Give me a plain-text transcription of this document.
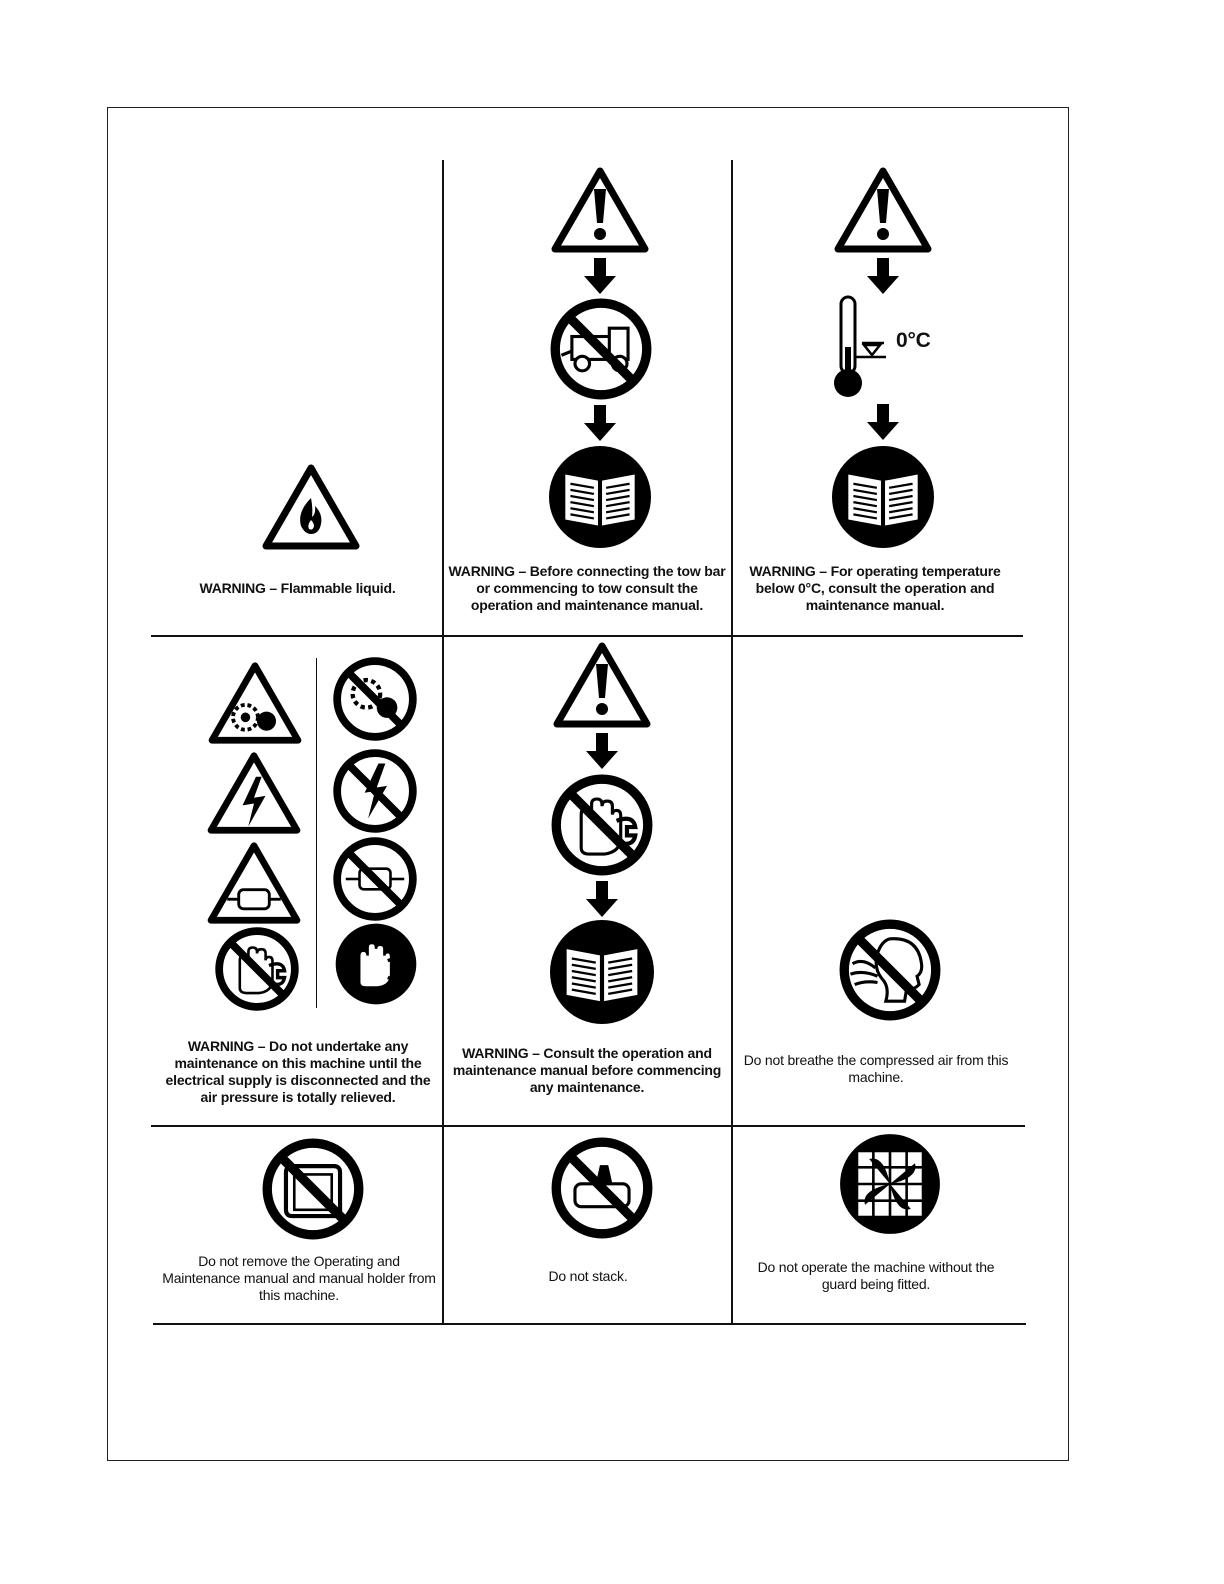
WARNING – Flammable liquid.
WARNING – Before connecting the tow bar or commencing to tow consult the operation and maintenance manual.
0°C
WARNING – For operating temperature below 0°C, consult the operation and maintenance manual.
WARNING – Do not undertake any maintenance on this machine until the electrical supply is disconnected and the air pressure is totally relieved.
WARNING – Consult the operation and maintenance manual before commencing any maintenance.
Do not breathe the compressed air from this machine.
Do not remove the Operating and Maintenance manual and manual holder from this machine.
Do not stack.
Do not operate the machine without the guard being fitted.
